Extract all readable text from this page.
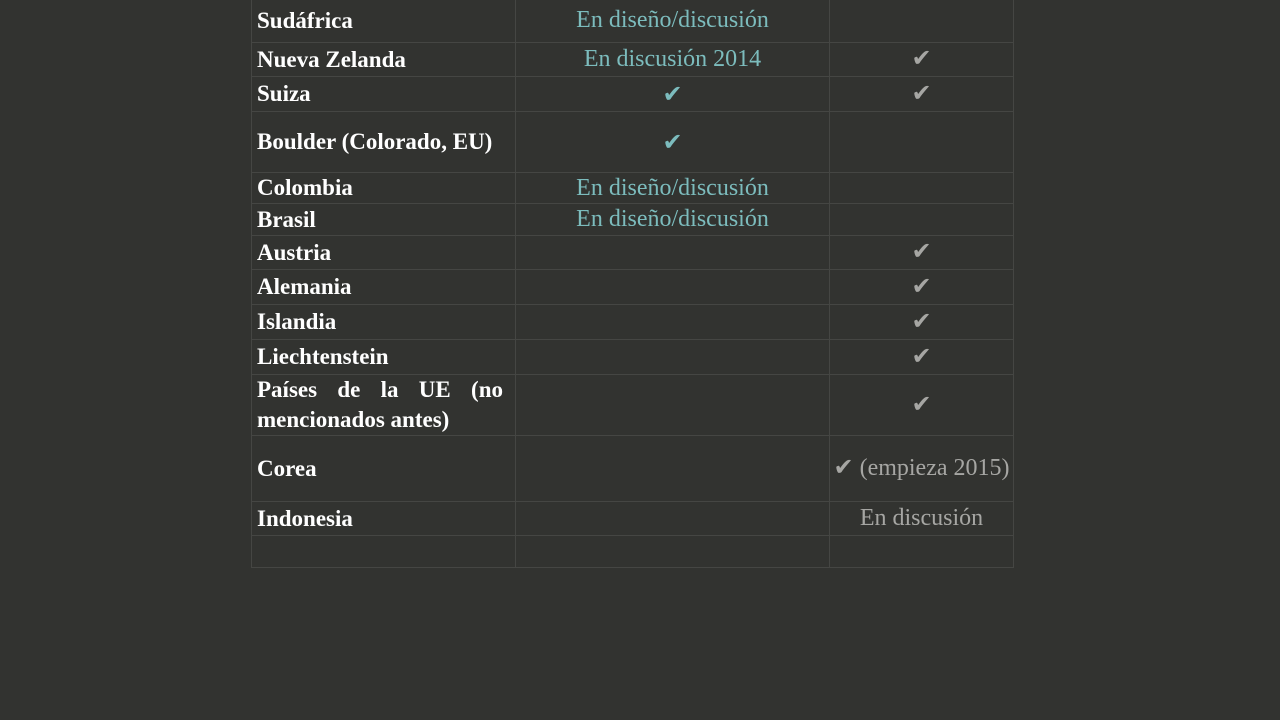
Sudáfrica	En diseño/discusión	
Nueva Zelanda	En discusión 2014	✔
Suiza	✔	✔
Boulder (Colorado, EU)	✔	
Colombia	En diseño/discusión	
Brasil	En diseño/discusión	
Austria		✔
Alemania		✔
Islandia		✔
Liechtenstein		✔
Países de la UE (no mencionados antes)		✔
Corea		✔ (empieza 2015)
Indonesia		En discusión
